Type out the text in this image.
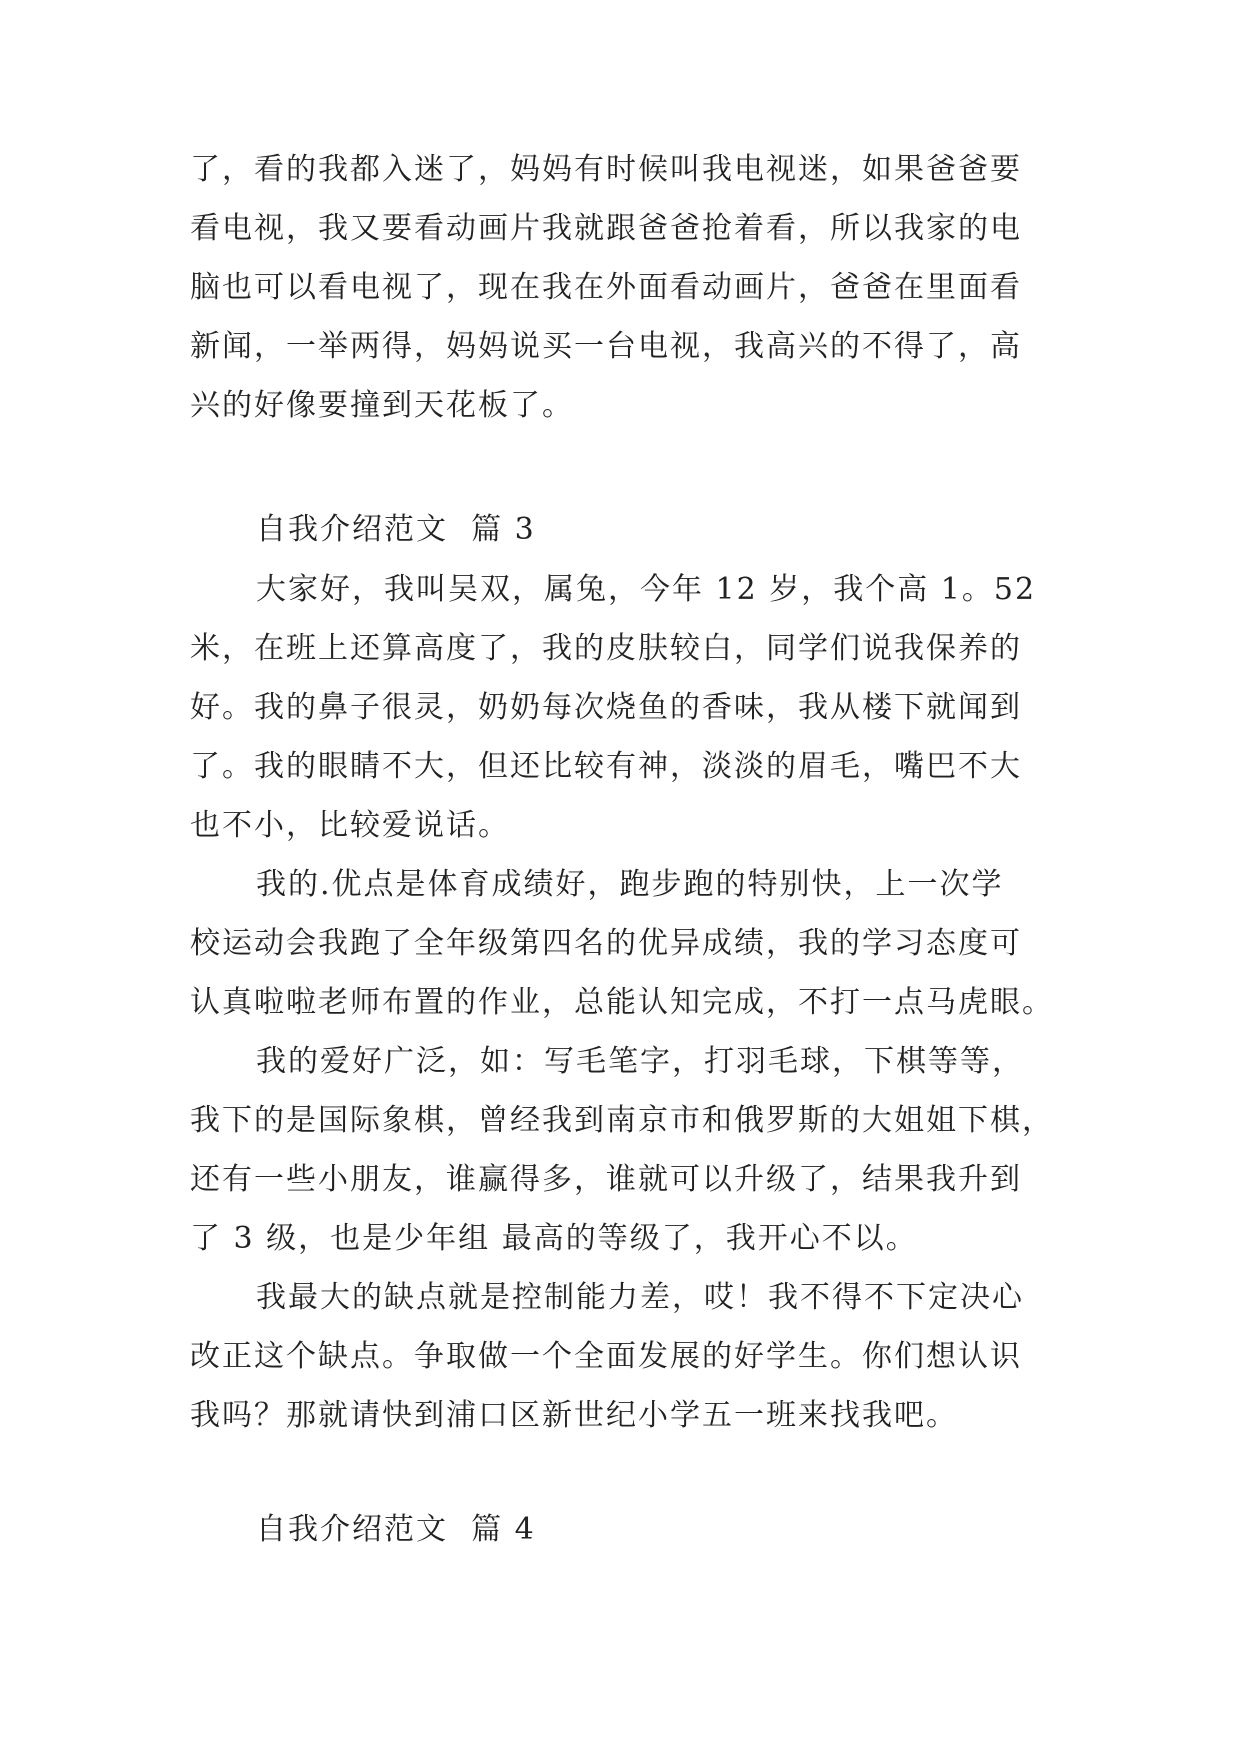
了，看的我都入迷了，妈妈有时候叫我电视迷，如果爸爸要
看电视，我又要看动画片我就跟爸爸抢着看，所以我家的电
脑也可以看电视了，现在我在外面看动画片，爸爸在里面看
新闻，一举两得，妈妈说买一台电视，我高兴的不得了，高
兴的好像要撞到天花板了。
自我介绍范文  篇 3
大家好，我叫吴双，属兔，今年 12 岁，我个高 1。52
米，在班上还算高度了，我的皮肤较白，同学们说我保养的
好。我的鼻子很灵，奶奶每次烧鱼的香味，我从楼下就闻到
了。我的眼睛不大，但还比较有神，淡淡的眉毛，嘴巴不大
也不小，比较爱说话。
我的.优点是体育成绩好，跑步跑的特别快，上一次学
校运动会我跑了全年级第四名的优异成绩，我的学习态度可
认真啦啦老师布置的作业，总能认知完成，不打一点马虎眼。
我的爱好广泛，如：写毛笔字，打羽毛球，下棋等等，
我下的是国际象棋，曾经我到南京市和俄罗斯的大姐姐下棋，
还有一些小朋友，谁赢得多，谁就可以升级了，结果我升到
了 3 级，也是少年组 最高的等级了，我开心不以。
我最大的缺点就是控制能力差，哎！我不得不下定决心
改正这个缺点。争取做一个全面发展的好学生。你们想认识
我吗？那就请快到浦口区新世纪小学五一班来找我吧。
自我介绍范文  篇 4
